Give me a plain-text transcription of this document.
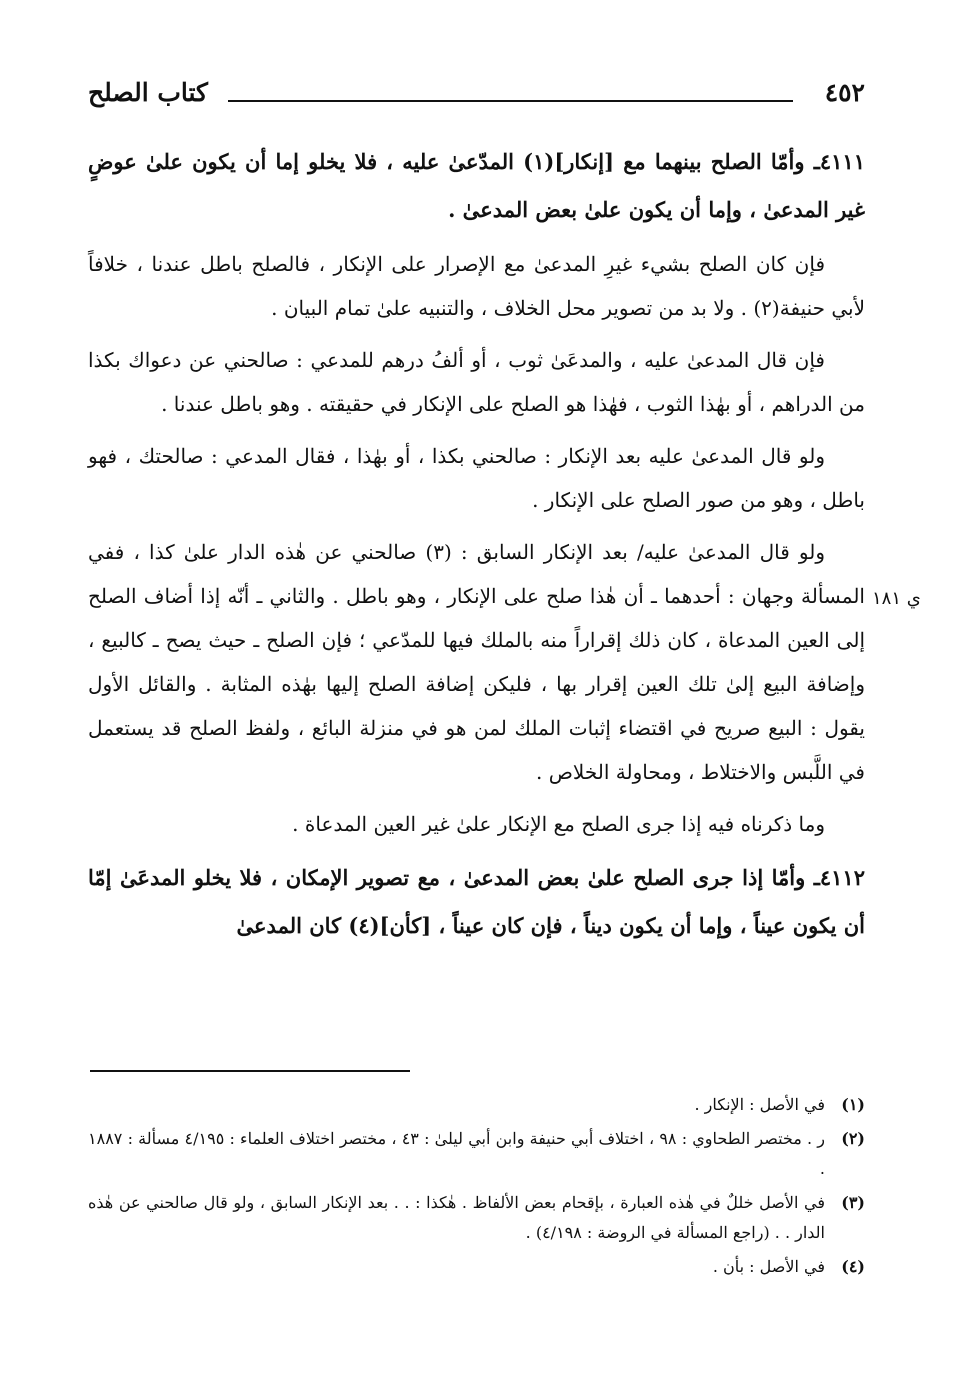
٤٥٢
كتاب الصلح
ي ١٨١

٤١١١ـ وأمّا الصلح بينهما مع [إنكار](١) المدّعىٰ عليه ، فلا يخلو إما أن يكون علىٰ عوضٍ غير المدعىٰ ، وإما أن يكون علىٰ بعض المدعىٰ .

فإن كان الصلح بشيء غيرِ المدعىٰ مع الإصرار على الإنكار ، فالصلح باطل عندنا ، خلافاً لأبي حنيفة(٢) . ولا بد من تصوير محل الخلاف ، والتنبيه علىٰ تمام البيان .

فإن قال المدعىٰ عليه ، والمدعَىٰ ثوب ، أو ألفُ درهم للمدعي : صالحني عن دعواك بكذا من الدراهم ، أو بهٰذا الثوب ، فهٰذا هو الصلح على الإنكار في حقيقته . وهو باطل عندنا .

ولو قال المدعىٰ عليه بعد الإنكار : صالحني بكذا ، أو بهٰذا ، فقال المدعي : صالحتك ، فهو باطل ، وهو من صور الصلح على الإنكار .

ولو قال المدعىٰ عليه/ بعد الإنكار السابق : (٣) صالحني عن هٰذه الدار علىٰ كذا ، ففي المسألة وجهان : أحدهما ـ أن هٰذا صلح على الإنكار ، وهو باطل . والثاني ـ أنّه إذا أضاف الصلح إلى العين المدعاة ، كان ذلك إقراراً منه بالملك فيها للمدّعي ؛ فإن الصلح ـ حيث يصح ـ كالبيع ، وإضافة البيع إلىٰ تلك العين إقرار بها ، فليكن إضافة الصلح إليها بهٰذه المثابة . والقائل الأول يقول : البيع صريح في اقتضاء إثبات الملك لمن هو في منزلة البائع ، ولفظ الصلح قد يستعمل في اللَّبس والاختلاط ، ومحاولة الخلاص .

وما ذكرناه فيه إذا جرى الصلح مع الإنكار علىٰ غير العين المدعاة .

٤١١٢ـ وأمّا إذا جرى الصلح علىٰ بعض المدعىٰ ، مع تصوير الإمكان ، فلا يخلو المدعَىٰ إمّا أن يكون عيناً ، وإما أن يكون ديناً ، فإن كان عيناً ، [كأن](٤) كان المدعىٰ

(١)
في الأصل : الإنكار .
(٢)
ر . مختصر الطحاوي : ٩٨ ، اختلاف أبي حنيفة وابن أبي ليلىٰ : ٤٣ ، مختصر اختلاف العلماء : ٤/١٩٥ مسألة : ١٨٨٧ .
(٣)
في الأصل خللٌ في هٰذه العبارة ، بإقحام بعض الألفاظ . هٰكذا : . . بعد الإنكار السابق ، ولو قال صالحني عن هٰذه الدار . . (راجع المسألة في الروضة : ٤/١٩٨) .
(٤)
في الأصل : بأن .
